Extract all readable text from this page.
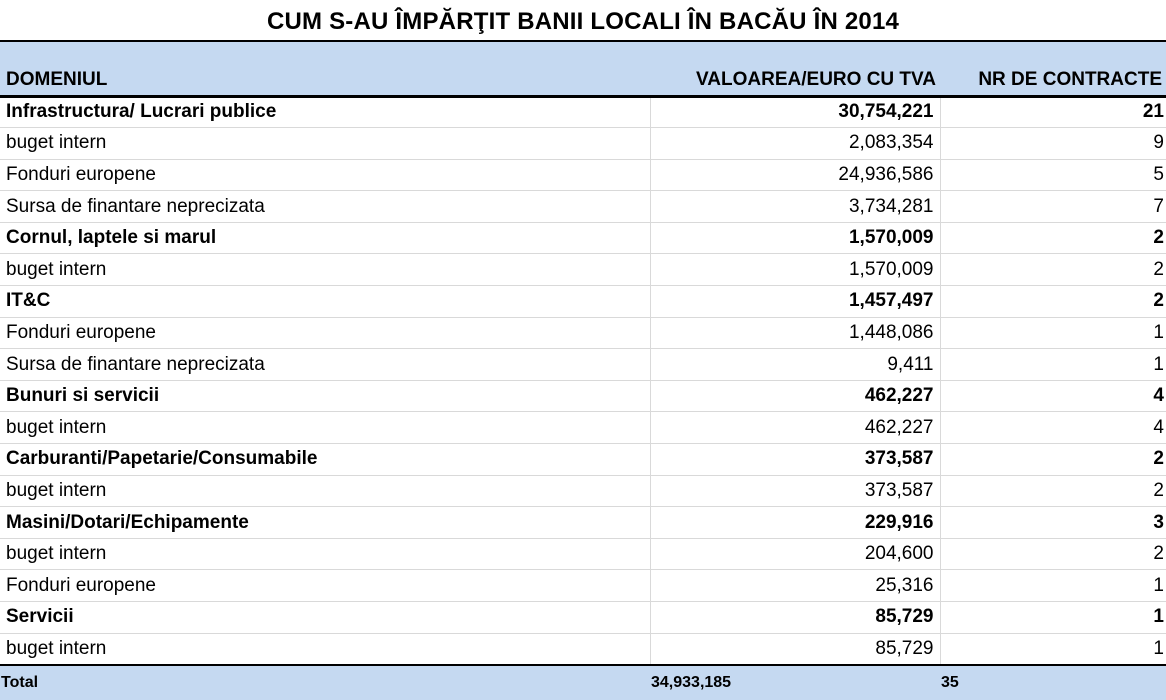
CUM S-AU ÎMPĂRŢIT BANII LOCALI ÎN BACĂU ÎN 2014
DOMENIUL	VALOAREA/EURO CU TVA	NR DE CONTRACTE
Infrastructura/ Lucrari publice	30,754,221	21
buget intern	2,083,354	9
Fonduri europene	24,936,586	5
Sursa de finantare neprecizata	3,734,281	7
Cornul, laptele si marul	1,570,009	2
buget intern	1,570,009	2
IT&C	1,457,497	2
Fonduri europene	1,448,086	1
Sursa de finantare neprecizata	9,411	1
Bunuri si servicii	462,227	4
buget intern	462,227	4
Carburanti/Papetarie/Consumabile	373,587	2
buget intern	373,587	2
Masini/Dotari/Echipamente	229,916	3
buget intern	204,600	2
Fonduri europene	25,316	1
Servicii	85,729	1
buget intern	85,729	1
Total	34,933,185	35
